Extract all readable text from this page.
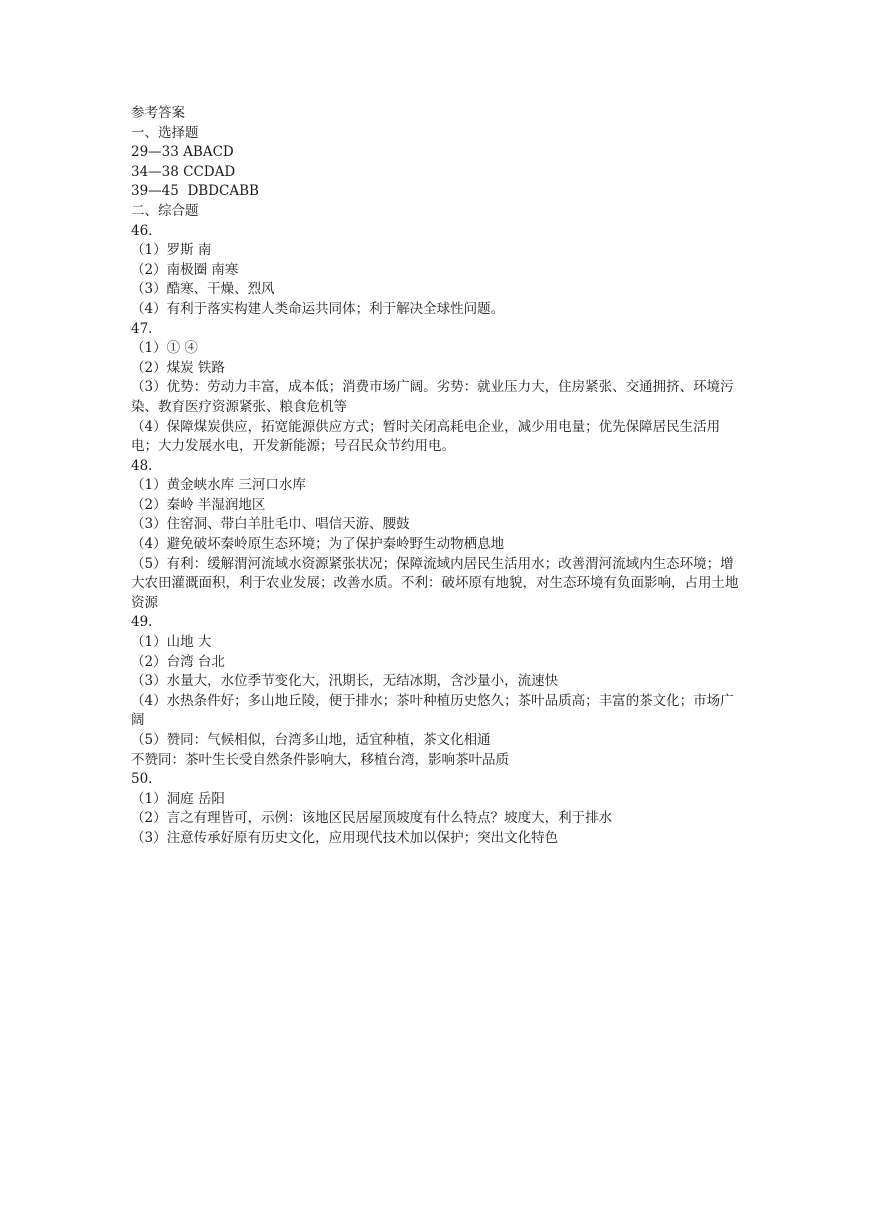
参考答案
一、选择题
29—33 ABACD
34—38 CCDAD
39—45  DBDCABB
二、综合题
46.
（1）罗斯 南
（2）南极圈 南寒
（3）酷寒、干燥、烈风
（4）有利于落实构建人类命运共同体；利于解决全球性问题。
47.
（1）① ④
（2）煤炭 铁路
（3）优势：劳动力丰富，成本低；消费市场广阔。劣势：就业压力大，住房紧张、交通拥挤、环境污染、教育医疗资源紧张、粮食危机等
（4）保障煤炭供应，拓宽能源供应方式；暂时关闭高耗电企业，减少用电量；优先保障居民生活用电；大力发展水电，开发新能源；号召民众节约用电。
48.
（1）黄金峡水库 三河口水库
（2）秦岭 半湿润地区
（3）住窑洞、带白羊肚毛巾、唱信天游、腰鼓
（4）避免破坏秦岭原生态环境；为了保护秦岭野生动物栖息地
（5）有利：缓解渭河流域水资源紧张状况；保障流域内居民生活用水；改善渭河流域内生态环境；增大农田灌溉面积，利于农业发展；改善水质。不利：破坏原有地貌，对生态环境有负面影响，占用土地资源
49.
（1）山地 大
（2）台湾 台北
（3）水量大，水位季节变化大，汛期长，无结冰期，含沙量小，流速快
（4）水热条件好；多山地丘陵，便于排水；茶叶种植历史悠久；茶叶品质高；丰富的茶文化；市场广阔
（5）赞同：气候相似，台湾多山地，适宜种植，茶文化相通
不赞同：茶叶生长受自然条件影响大，移植台湾，影响茶叶品质
50.
（1）洞庭 岳阳
（2）言之有理皆可，示例：该地区民居屋顶坡度有什么特点？坡度大，利于排水
（3）注意传承好原有历史文化，应用现代技术加以保护；突出文化特色
